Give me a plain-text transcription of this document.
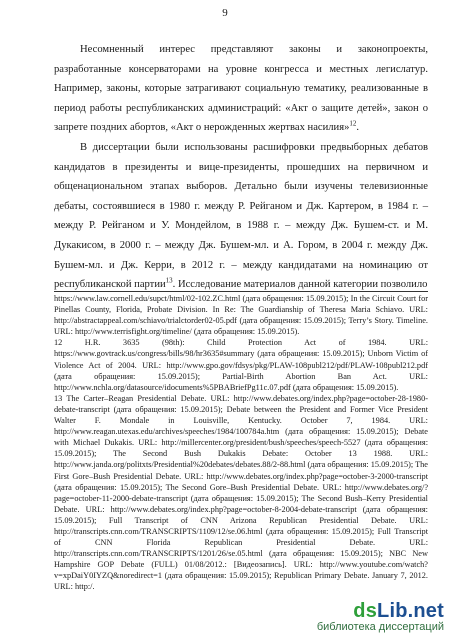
9

Несомненный интерес представляют законы и законопроекты, разработанные консерваторами на уровне конгресса и местных легислатур. Например, законы, которые затрагивают социальную тематику, реализованные в период работы республиканских администраций: «Акт о защите детей», закон о запрете поздних абортов, «Акт о нерожденных жертвах насилия»$^{12}$.

В диссертации были использованы расшифровки предвыборных дебатов кандидатов в президенты и вице-президенты, прошедших на первичном и общенациональном этапах выборов. Детально были изучены телевизионные дебаты, состоявшиеся в 1980 г. между Р. Рейганом и Дж. Картером, в 1984 г. – между Р. Рейганом и У. Мондейлом, в 1988 г. – между Дж. Бушем-ст. и М. Дукакисом, в 2000 г. – между Дж. Бушем-мл. и А. Гором, в 2004 г. между Дж. Бушем-мл. и Дж. Керри, в 2012 г. – между кандидатами на номинацию от республиканской партии$^{13}$. Исследование материалов данной категории позволило

https://www.law.cornell.edu/supct/html/02-102.ZC.html (дата обращения: 15.09.2015); In the Circuit Court for Pinellas County, Florida, Probate Division. In Re: The Guardianship of Theresa Maria Schiavo. URL: http://abstractappeal.com/schiavo/trialctorder02-05.pdf (дата обращения: 15.09.2015); Terry’s Story. Timeline. URL: http://www.terrisfight.org/timeline/ (дата обращения: 15.09.2015).

12 H.R. 3635 (98th): Child Protection Act of 1984. URL: https://www.govtrack.us/congress/bills/98/hr3635#summary (дата обращения: 15.09.2015); Unborn Victim of Violence Act of 2004. URL: http://www.gpo.gov/fdsys/pkg/PLAW-108publ212/pdf/PLAW-108publ212.pdf (дата обращения: 15.09.2015); Partial-Birth Abortion Ban Act. URL: http://www.nchla.org/datasource/idocuments%5PBABriefPg11c.07.pdf (дата обращения: 15.09.2015).

13 The Carter–Reagan Presidential Debate. URL: http://www.debates.org/index.php?page=october-28-1980-debate-transcript (дата обращения: 15.09.2015); Debate between the President and Former Vice President Walter F. Mondale in Louisville, Kentucky. October 7, 1984. URL: http://www.reagan.utexas.edu/archives/speeches/1984/100784a.htm (дата обращения: 15.09.2015); Debate with Michael Dukakis. URL: http://millercenter.org/president/bush/speeches/speech-5527 (дата обращения: 15.09.2015); The Second Bush Dukakis Debate: October 13 1988. URL: http://www.janda.org/politxts/Presidential%20debates/debates.88/2-88.html (дата обращения: 15.09.2015); The First Gore–Bush Presidential Debate. URL: http://www.debates.org/index.php?page=october-3-2000-transcript (дата обращения: 15.09.2015); The Second Gore–Bush Presidential Debate. URL: http://www.debates.org/?page=october-11-2000-debate-transcript (дата обращения: 15.09.2015); The Second Bush–Kerry Presidential Debate. URL: http://www.debates.org/index.php?page=october-8-2004-debate-transcript (дата обращения: 15.09.2015); Full Transcript of CNN Arizona Republican Presidential Debate. URL: http://transcripts.cnn.com/TRANSCRIPTS/1109/12/se.06.html (дата обращения: 15.09.2015); Full Transcript of CNN Florida Republican Presidential Debate. URL: http://transcripts.cnn.com/TRANSCRIPTS/1201/26/se.05.html (дата обращения: 15.09.2015); NBC New Hampshire GOP Debate (FULL) 01/08/2012.: [Видеозапись]. URL: http://www.youtube.com/watch?v=xpDaiY0IYZQ&noredirect=1 (дата обращения: 15.09.2015); Republican Primary Debate. January 7, 2012. URL: http:/.

dsLib.net
библиотека диссертаций
